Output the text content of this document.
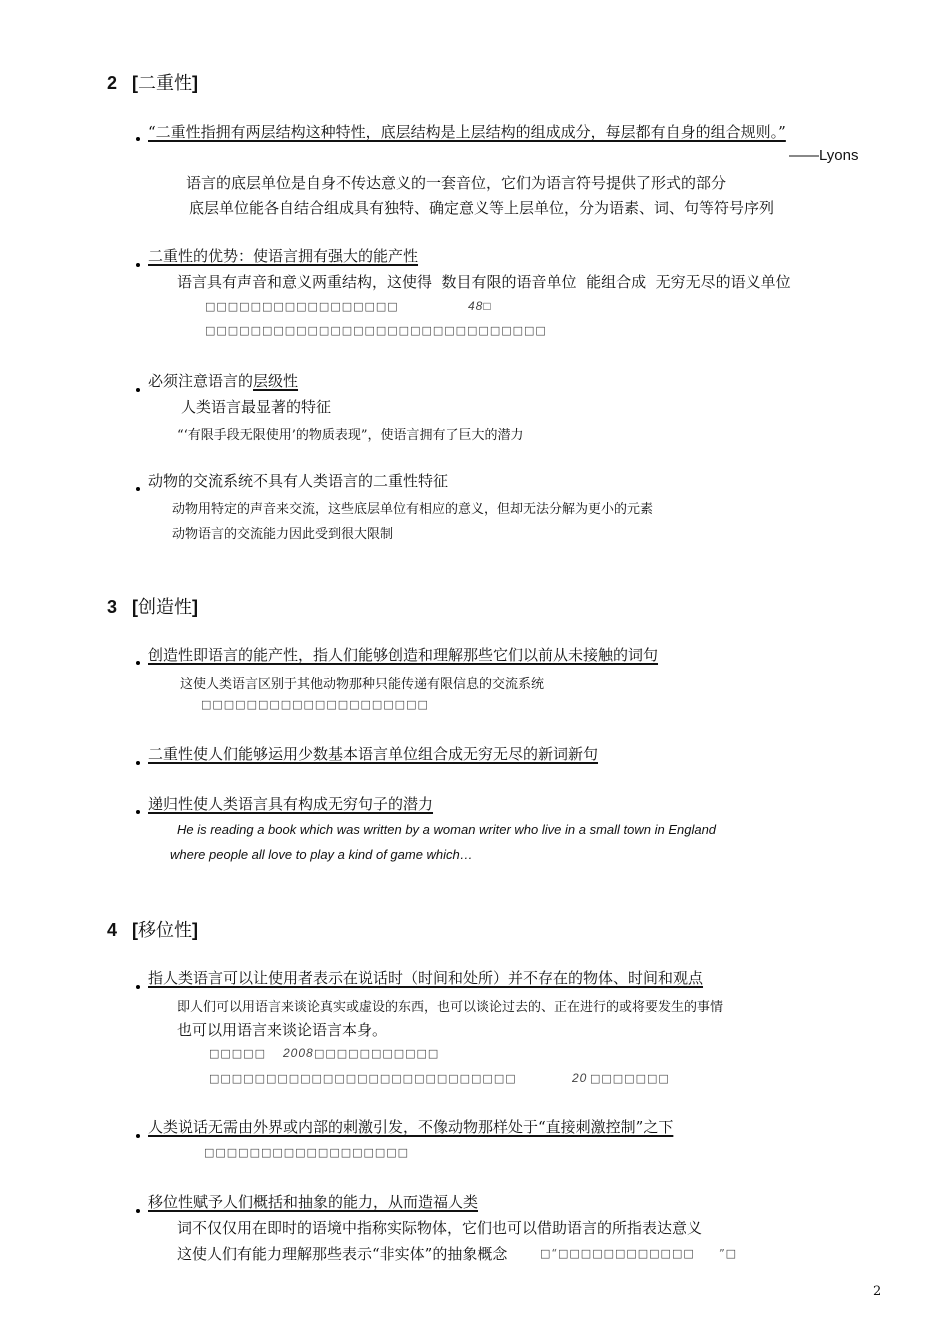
2   [二重性]
“二重性指拥有两层结构这种特性，底层结构是上层结构的组成成分，每层都有自身的组合规则。”
——Lyons
语言的底层单位是自身不传达意义的一套音位，它们为语言符号提供了形式的部分
底层单位能各自结合组成具有独特、确定意义等上层单位，分为语素、词、句等符号序列
二重性的优势：使语言拥有强大的能产性
语言具有声音和意义两重结构，这使得  数目有限的语音单位  能组合成  无穷无尽的语义单位
□□□□□□□□□□□□□□□□□	48□
□□□□□□□□□□□□□□□□□□□□□□□□□□□□□□
必须注意语言的层级性
人类语言最显著的特征
“‘有限手段无限使用’的物质表现”，使语言拥有了巨大的潜力
动物的交流系统不具有人类语言的二重性特征
动物用特定的声音来交流，这些底层单位有相应的意义，但却无法分解为更小的元素
动物语言的交流能力因此受到很大限制
3   [创造性]
创造性即语言的能产性，指人们能够创造和理解那些它们以前从未接触的词句
这使人类语言区别于其他动物那种只能传递有限信息的交流系统
□□□□□□□□□□□□□□□□□□□□
二重性使人们能够运用少数基本语言单位组合成无穷无尽的新词新句
递归性使人类语言具有构成无穷句子的潜力
He is reading a book which was written by a woman writer who live in a small town in England
where people all love to play a kind of game which…
4   [移位性]
指人类语言可以让使用者表示在说话时（时间和处所）并不存在的物体、时间和观点
即人们可以用语言来谈论真实或虚设的东西，也可以谈论过去的、正在进行的或将要发生的事情
也可以用语言来谈论语言本身。
□□□□□ 2008 □□□□□□□□□□□
□□□□□□□□□□□□□□□□□□□□□□□□□□□	20 □□□□□□□
人类说话无需由外界或内部的刺激引发，不像动物那样处于“直接刺激控制”之下
□□□□□□□□□□□□□□□□□□
移位性赋予人们概括和抽象的能力，从而造福人类
词不仅仅用在即时的语境中指称实际物体，它们也可以借助语言的所指表达意义
这使人们有能力理解那些表示“非实体”的抽象概念	□“□□□□□□□□□□□□ ”□
2
